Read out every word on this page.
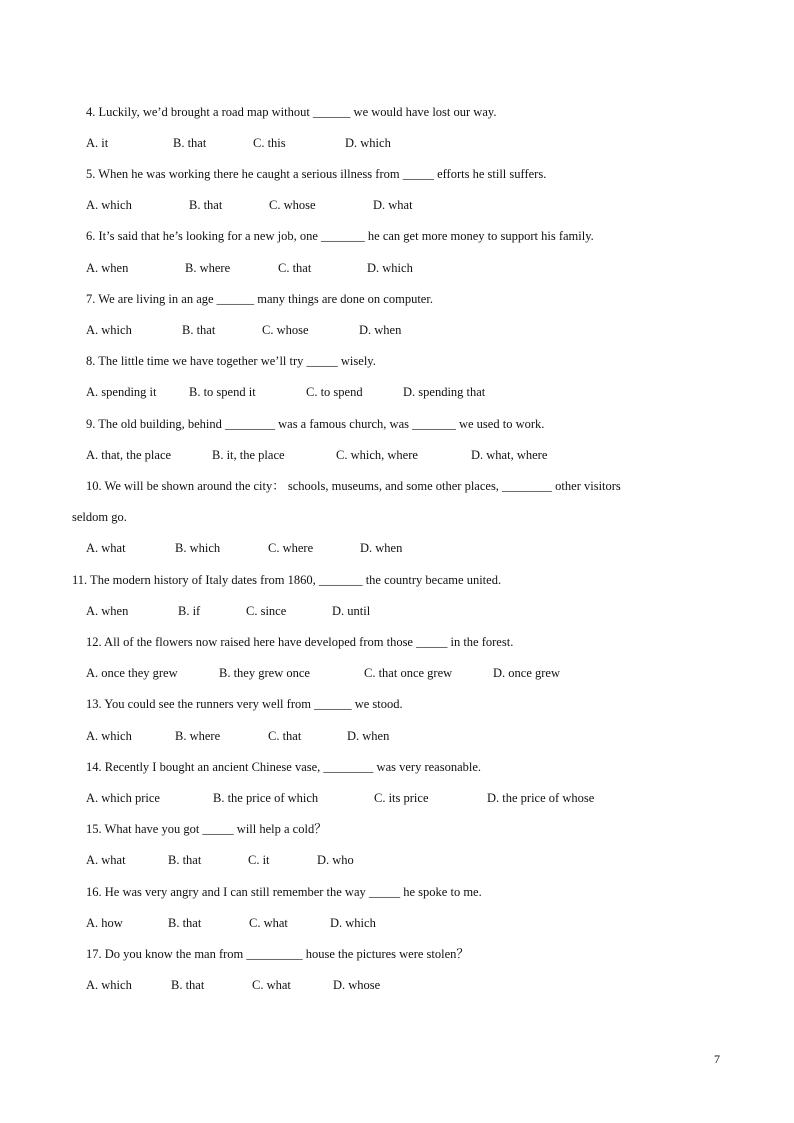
4. Luckily, we’d brought a road map without ______ we would have lost our way.
A. it	B. that	C. this	D. which
5. When he was working there he caught a serious illness from _____ efforts he still suffers.
A. which	B. that	C. whose	D. what
6. It’s said that he’s looking for a new job, one _______ he can get more money to support his family.
A. when	B. where	C. that	D. which
7. We are living in an age ______ many things are done on computer.
A. which	B. that	C. whose	D. when
8. The little time we have together we’ll try _____ wisely.
A. spending it	B. to spend it	C. to spend	D. spending that
9. The old building, behind ________ was a famous church, was _______ we used to work.
A. that, the place	B. it, the place	C. which, where	D. what, where
10. We will be shown around the city： schools, museums, and some other places, ________ other visitors
seldom go.
A. what	B. which	C. where	D. when
11. The modern history of Italy dates from 1860, _______ the country became united.
A. when	B. if	C. since	D. until
12. All of the flowers now raised here have developed from those _____ in the forest.
A. once they grew	B. they grew once	C. that once grew	D. once grew
13. You could see the runners very well from ______ we stood.
A. which	B. where	C. that	D. when
14. Recently I bought an ancient Chinese vase, ________ was very reasonable.
A. which price	B. the price of which	C. its price	D. the price of whose
15. What have you got _____ will help a cold？
A. what	B. that	C. it	D. who
16. He was very angry and I can still remember the way _____ he spoke to me.
A. how	B. that	C. what	D. which
17. Do you know the man from _________ house the pictures were stolen？
A. which	B. that	C. what	D. whose
7
